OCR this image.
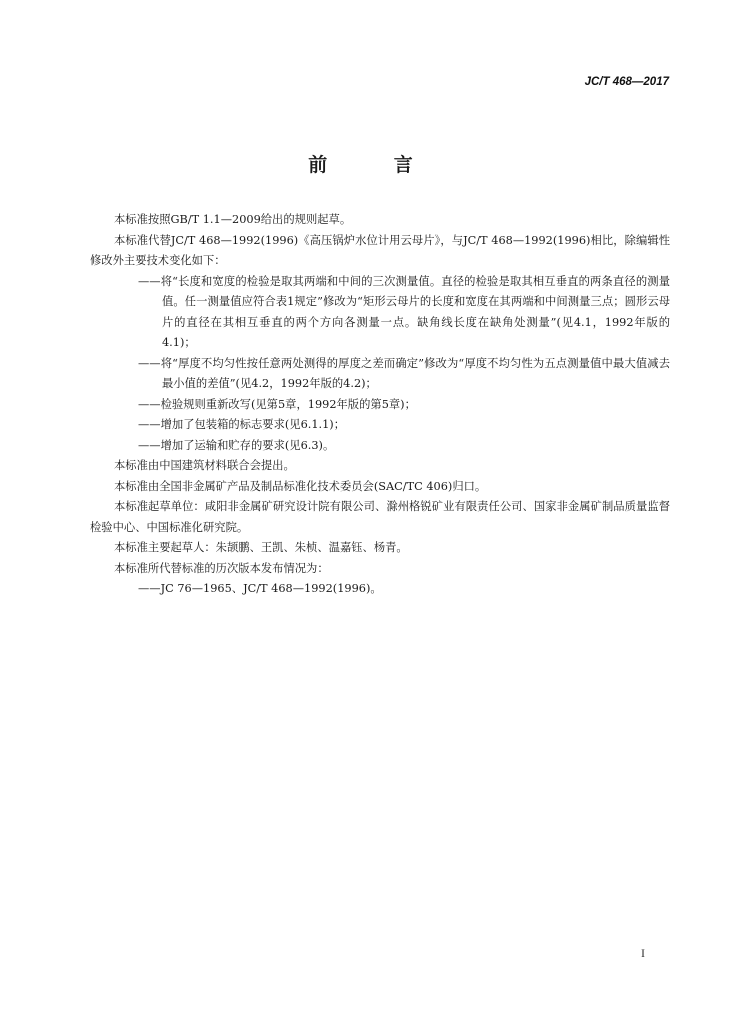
JC/T 468—2017
前 言

本标准按照GB/T 1.1—2009给出的规则起草。

本标准代替JC/T 468—1992(1996)《高压锅炉水位计用云母片》，与JC/T 468—1992(1996)相比，除编辑性修改外主要技术变化如下：

——将“长度和宽度的检验是取其两端和中间的三次测量值。直径的检验是取其相互垂直的两条直径的测量值。任一测量值应符合表1规定”修改为“矩形云母片的长度和宽度在其两端和中间测量三点；圆形云母片的直径在其相互垂直的两个方向各测量一点。缺角线长度在缺角处测量”(见4.1，1992年版的4.1)；

——将“厚度不均匀性按任意两处测得的厚度之差而确定”修改为“厚度不均匀性为五点测量值中最大值减去最小值的差值”(见4.2，1992年版的4.2)；

——检验规则重新改写(见第5章，1992年版的第5章)；

——增加了包装箱的标志要求(见6.1.1)；

——增加了运输和贮存的要求(见6.3)。

本标准由中国建筑材料联合会提出。

本标准由全国非金属矿产品及制品标准化技术委员会(SAC/TC 406)归口。

本标准起草单位：咸阳非金属矿研究设计院有限公司、滁州格锐矿业有限责任公司、国家非金属矿制品质量监督检验中心、中国标准化研究院。

本标准主要起草人：朱颉鹏、王凯、朱桢、温嘉钰、杨青。

本标准所代替标准的历次版本发布情况为：

——JC 76—1965、JC/T 468—1992(1996)。

I
